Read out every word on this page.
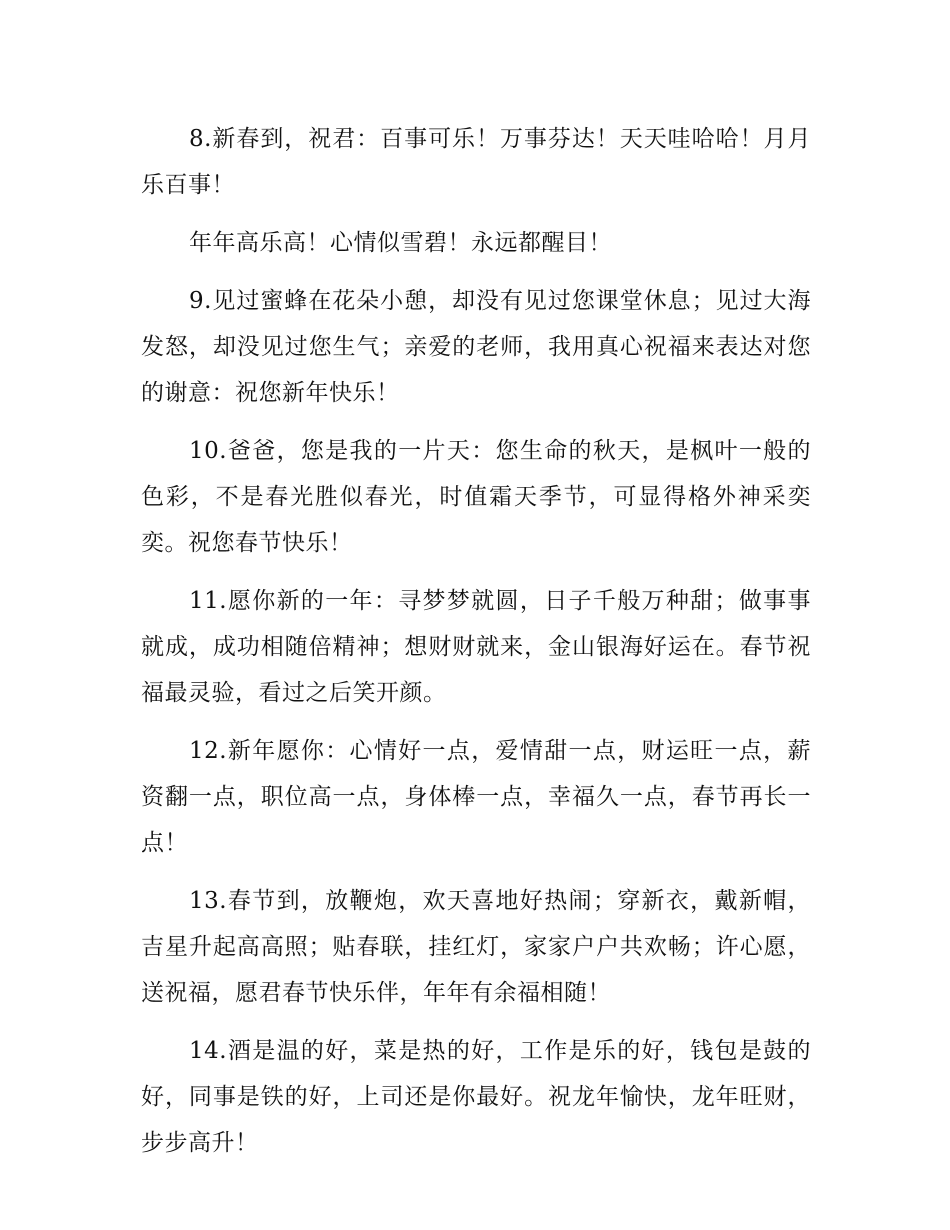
8.新春到，祝君：百事可乐！万事芬达！天天哇哈哈！月月乐百事！

年年高乐高！心情似雪碧！永远都醒目！

9.见过蜜蜂在花朵小憩，却没有见过您课堂休息；见过大海发怒，却没见过您生气；亲爱的老师，我用真心祝福来表达对您的谢意：祝您新年快乐！

10.爸爸，您是我的一片天：您生命的秋天，是枫叶一般的色彩，不是春光胜似春光，时值霜天季节，可显得格外神采奕奕。祝您春节快乐！

11.愿你新的一年：寻梦梦就圆，日子千般万种甜；做事事就成，成功相随倍精神；想财财就来，金山银海好运在。春节祝福最灵验，看过之后笑开颜。

12.新年愿你：心情好一点，爱情甜一点，财运旺一点，薪资翻一点，职位高一点，身体棒一点，幸福久一点，春节再长一点！

13.春节到，放鞭炮，欢天喜地好热闹；穿新衣，戴新帽，吉星升起高高照；贴春联，挂红灯，家家户户共欢畅；许心愿，送祝福，愿君春节快乐伴，年年有余福相随！

14.酒是温的好，菜是热的好，工作是乐的好，钱包是鼓的好，同事是铁的好，上司还是你最好。祝龙年愉快，龙年旺财，步步高升！
